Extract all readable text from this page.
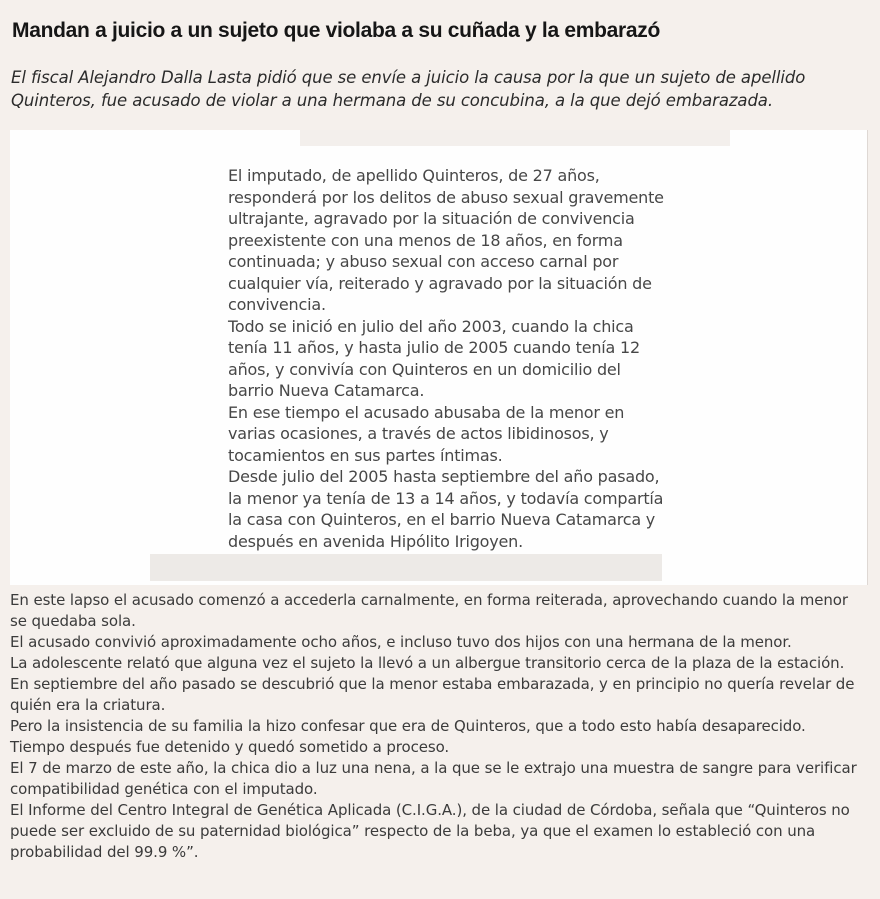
Mandan a juicio a un sujeto que violaba a su cuñada y la embarazó

El fiscal Alejandro Dalla Lasta pidió que se envíe a juicio la causa por la que un sujeto de apellido Quinteros, fue acusado de violar a una hermana de su concubina, a la que dejó embarazada.

El imputado, de apellido Quinteros, de 27 años, responderá por los delitos de abuso sexual gravemente ultrajante, agravado por la situación de convivencia preexistente con una menos de 18 años, en forma continuada; y abuso sexual con acceso carnal por cualquier vía, reiterado y agravado por la situación de convivencia.

Todo se inició en julio del año 2003, cuando la chica tenía 11 años, y hasta julio de 2005 cuando tenía 12 años, y convivía con Quinteros en un domicilio del barrio Nueva Catamarca.

En ese tiempo el acusado abusaba de la menor en varias ocasiones, a través de actos libidinosos, y tocamientos en sus partes íntimas.

Desde julio del 2005 hasta septiembre del año pasado, la menor ya tenía de 13 a 14 años, y todavía compartía la casa con Quinteros, en el barrio Nueva Catamarca y después en avenida Hipólito Irigoyen.

En este lapso el acusado comenzó a accederla carnalmente, en forma reiterada, aprovechando cuando la menor se quedaba sola.

El acusado convivió aproximadamente ocho años, e incluso tuvo dos hijos con una hermana de la menor.

La adolescente relató que alguna vez el sujeto la llevó a un albergue transitorio cerca de la plaza de la estación.

En septiembre del año pasado se descubrió que la menor estaba embarazada, y en principio no quería revelar de quién era la criatura.

Pero la insistencia de su familia la hizo confesar que era de Quinteros, que a todo esto había desaparecido. Tiempo después fue detenido y quedó sometido a proceso.

El 7 de marzo de este año, la chica dio a luz una nena, a la que se le extrajo una muestra de sangre para verificar compatibilidad genética con el imputado.

El Informe del Centro Integral de Genética Aplicada (C.I.G.A.), de la ciudad de Córdoba, señala que “Quinteros no puede ser excluido de su paternidad biológica” respecto de la beba, ya que el examen lo estableció con una probabilidad del 99.9 %”.
